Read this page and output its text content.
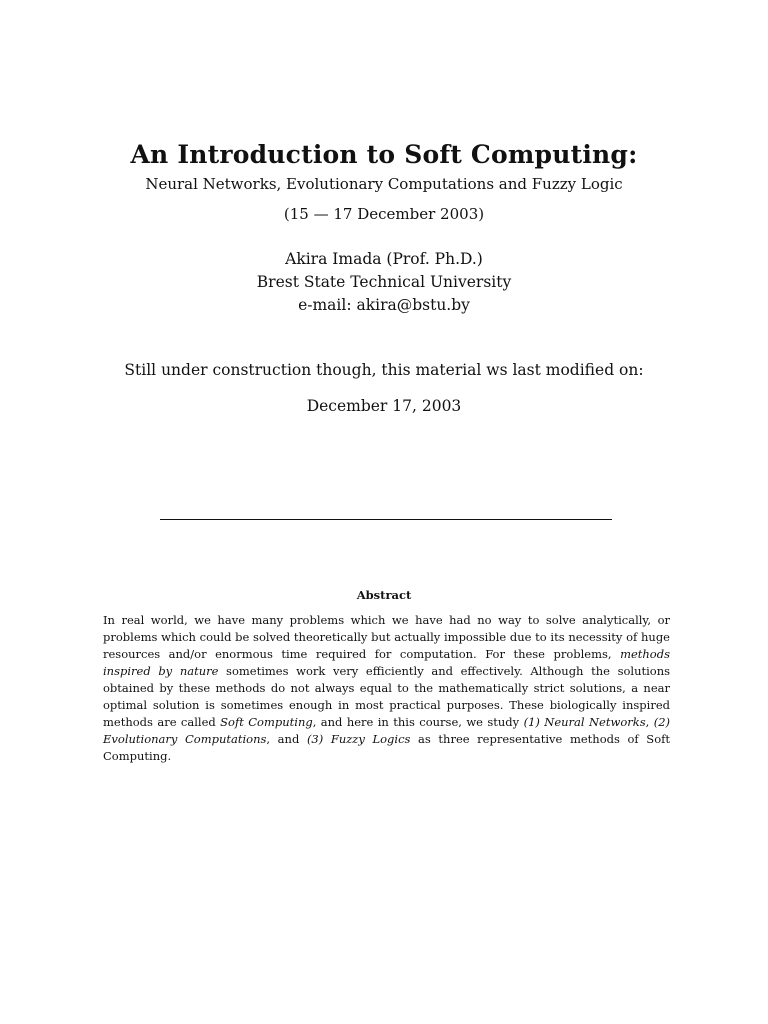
An Introduction to Soft Computing:
Neural Networks, Evolutionary Computations and Fuzzy Logic
(15 — 17 December 2003)
Akira Imada (Prof. Ph.D.)
Brest State Technical University
e-mail: akira@bstu.by
Still under construction though, this material ws last modified on:
December 17, 2003
Abstract
In real world, we have many problems which we have had no way to solve analytically, or problems which could be solved theoretically but actually impossible due to its necessity of huge resources and/or enormous time required for computation. For these problems, methods inspired by nature sometimes work very efficiently and effectively. Although the solutions obtained by these methods do not always equal to the mathematically strict solutions, a near optimal solution is sometimes enough in most practical purposes. These biologically inspired methods are called Soft Computing, and here in this course, we study (1) Neural Networks, (2) Evolutionary Computations, and (3) Fuzzy Logics as three representative methods of Soft Computing.
